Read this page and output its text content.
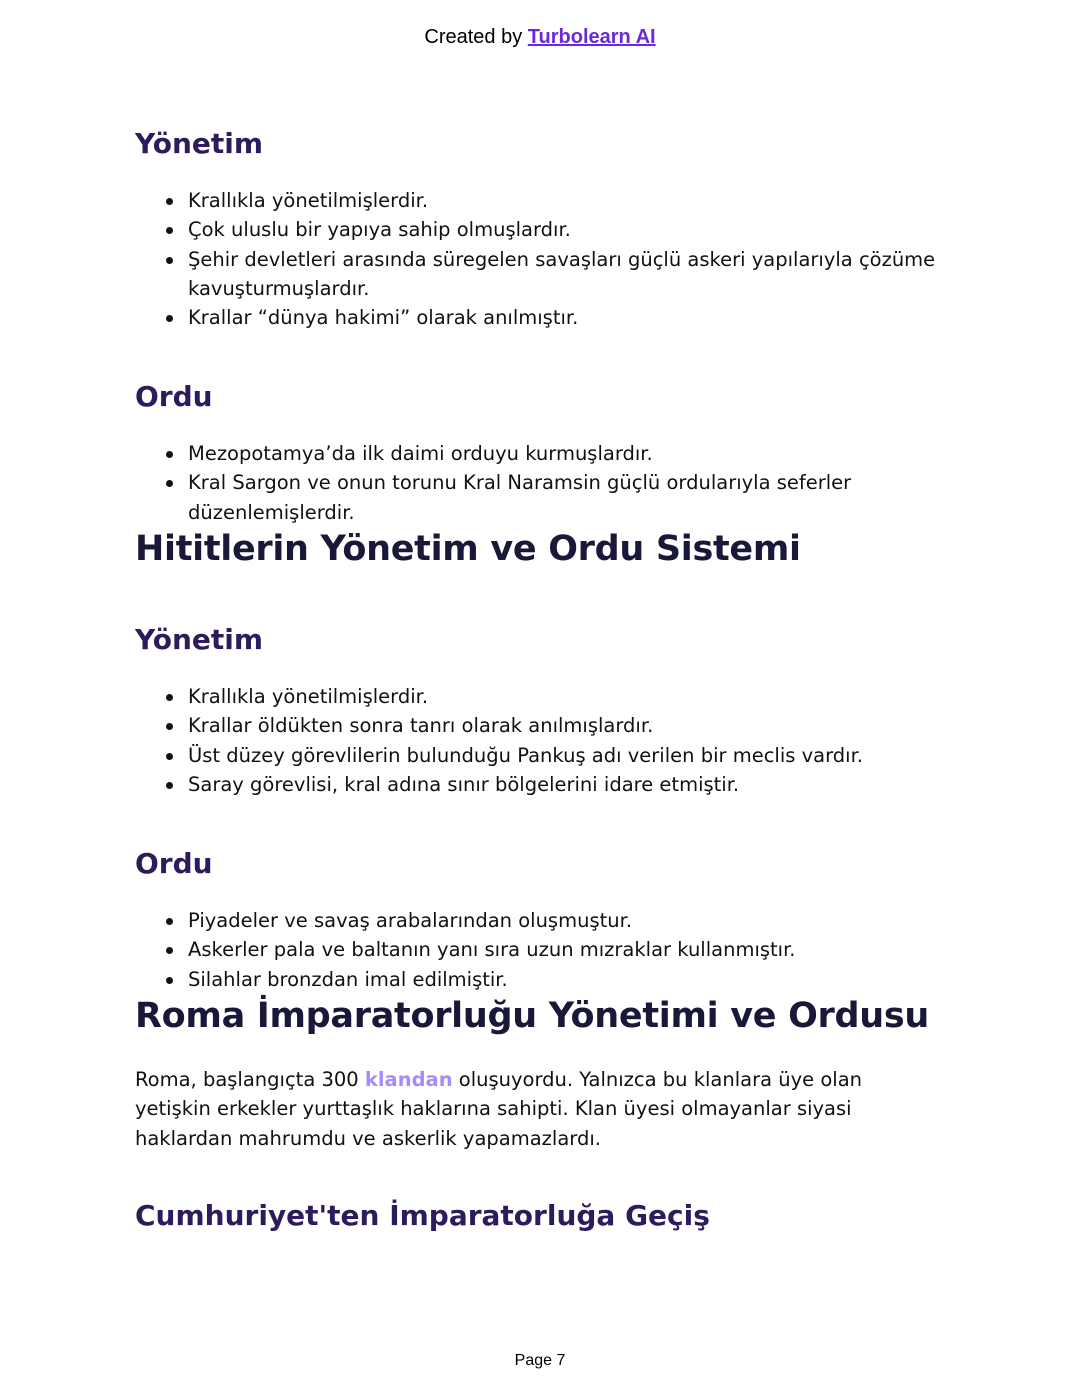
Created by Turbolearn AI
Yönetim
Krallıkla yönetilmişlerdir.
Çok uluslu bir yapıya sahip olmuşlardır.
Şehir devletleri arasında süregelen savaşları güçlü askeri yapılarıyla çözüme kavuşturmuşlardır.
Krallar “dünya hakimi” olarak anılmıştır.
Ordu
Mezopotamya’da ilk daimi orduyu kurmuşlardır.
Kral Sargon ve onun torunu Kral Naramsin güçlü ordularıyla seferler düzenlemişlerdir.
Hititlerin Yönetim ve Ordu Sistemi
Yönetim
Krallıkla yönetilmişlerdir.
Krallar öldükten sonra tanrı olarak anılmışlardır.
Üst düzey görevlilerin bulunduğu Pankuş adı verilen bir meclis vardır.
Saray görevlisi, kral adına sınır bölgelerini idare etmiştir.
Ordu
Piyadeler ve savaş arabalarından oluşmuştur.
Askerler pala ve baltanın yanı sıra uzun mızraklar kullanmıştır.
Silahlar bronzdan imal edilmiştir.
Roma İmparatorluğu Yönetimi ve Ordusu

Roma, başlangıçta 300 klandan oluşuyordu. Yalnızca bu klanlara üye olan yetişkin erkekler yurttaşlık haklarına sahipti. Klan üyesi olmayanlar siyasi haklardan mahrumdu ve askerlik yapamazlardı.

Cumhuriyet'ten İmparatorluğa Geçiş
Page 7
